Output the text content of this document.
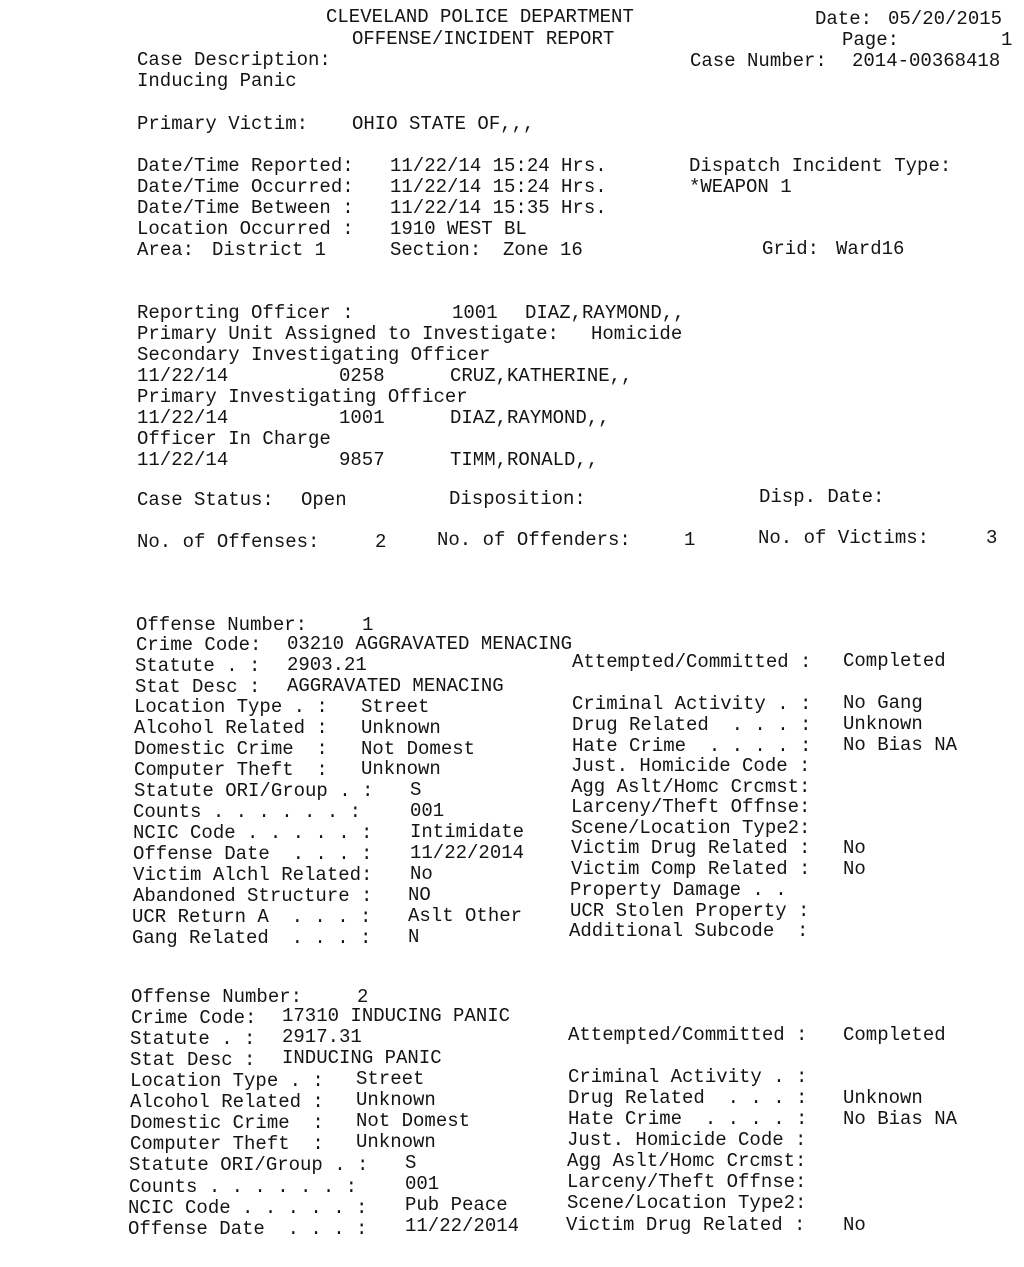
CLEVELAND POLICE DEPARTMENT
OFFENSE/INCIDENT REPORT
Date: 05/20/2015
Page:	1
Case Number: 2014-00368418
Case Description:
Inducing Panic
Primary Victim: OHIO STATE OF,,,
Date/Time Reported: 11/22/14 15:24 Hrs.
Date/Time Occurred: 11/22/14 15:24 Hrs.
Date/Time Between : 11/22/14 15:35 Hrs.
Location Occurred : 1910 WEST BL
Area: District 1	Section: Zone 16	Grid: Ward16
Dispatch Incident Type:
*WEAPON 1
Reporting Officer :	1001 DIAZ,RAYMOND,,
Primary Unit Assigned to Investigate: Homicide
Secondary Investigating Officer
11/22/14	0258	CRUZ,KATHERINE,,
Primary Investigating Officer
11/22/14	1001	DIAZ,RAYMOND,,
Officer In Charge
11/22/14	9857	TIMM,RONALD,,
Case Status: Open	Disposition:	Disp. Date:
No. of Offenses:	2	No. of Offenders:	1	No. of Victims:	3
Offense Number:	1
Crime Code: 03210 AGGRAVATED MENACING
Statute . : 2903.21
Stat Desc : AGGRAVATED MENACING
Location Type . : Street
Alcohol Related : Unknown
Domestic Crime  : Not Domest
Computer Theft  : Unknown
Statute ORI/Group . : S
Counts . . . . . . :	001
NCIC Code . . . . . : Intimidate
Offense Date  . . . : 11/22/2014
Victim Alchl Related: No
Abandoned Structure : NO
UCR Return A  . . . : Aslt Other
Gang Related  . . . : N
Attempted/Committed : Completed
Criminal Activity . : No Gang
Drug Related  . . . : Unknown
Hate Crime  . . . . : No Bias NA
Just. Homicide Code :
Agg Aslt/Homc Crcmst:
Larceny/Theft Offnse:
Scene/Location Type2:
Victim Drug Related : No
Victim Comp Related : No
Property Damage . .
UCR Stolen Property :
Additional Subcode  :
Offense Number:	2
Crime Code: 17310 INDUCING PANIC
Statute . : 2917.31
Stat Desc : INDUCING PANIC
Location Type . : Street
Alcohol Related : Unknown
Domestic Crime  : Not Domest
Computer Theft  : Unknown
Statute ORI/Group . : S
Counts . . . . . . :	001
NCIC Code . . . . . : Pub Peace
Offense Date  . . . : 11/22/2014
Attempted/Committed : Completed
Criminal Activity . :
Drug Related  . . . : Unknown
Hate Crime  . . . . : No Bias NA
Just. Homicide Code :
Agg Aslt/Homc Crcmst:
Larceny/Theft Offnse:
Scene/Location Type2:
Victim Drug Related : No
